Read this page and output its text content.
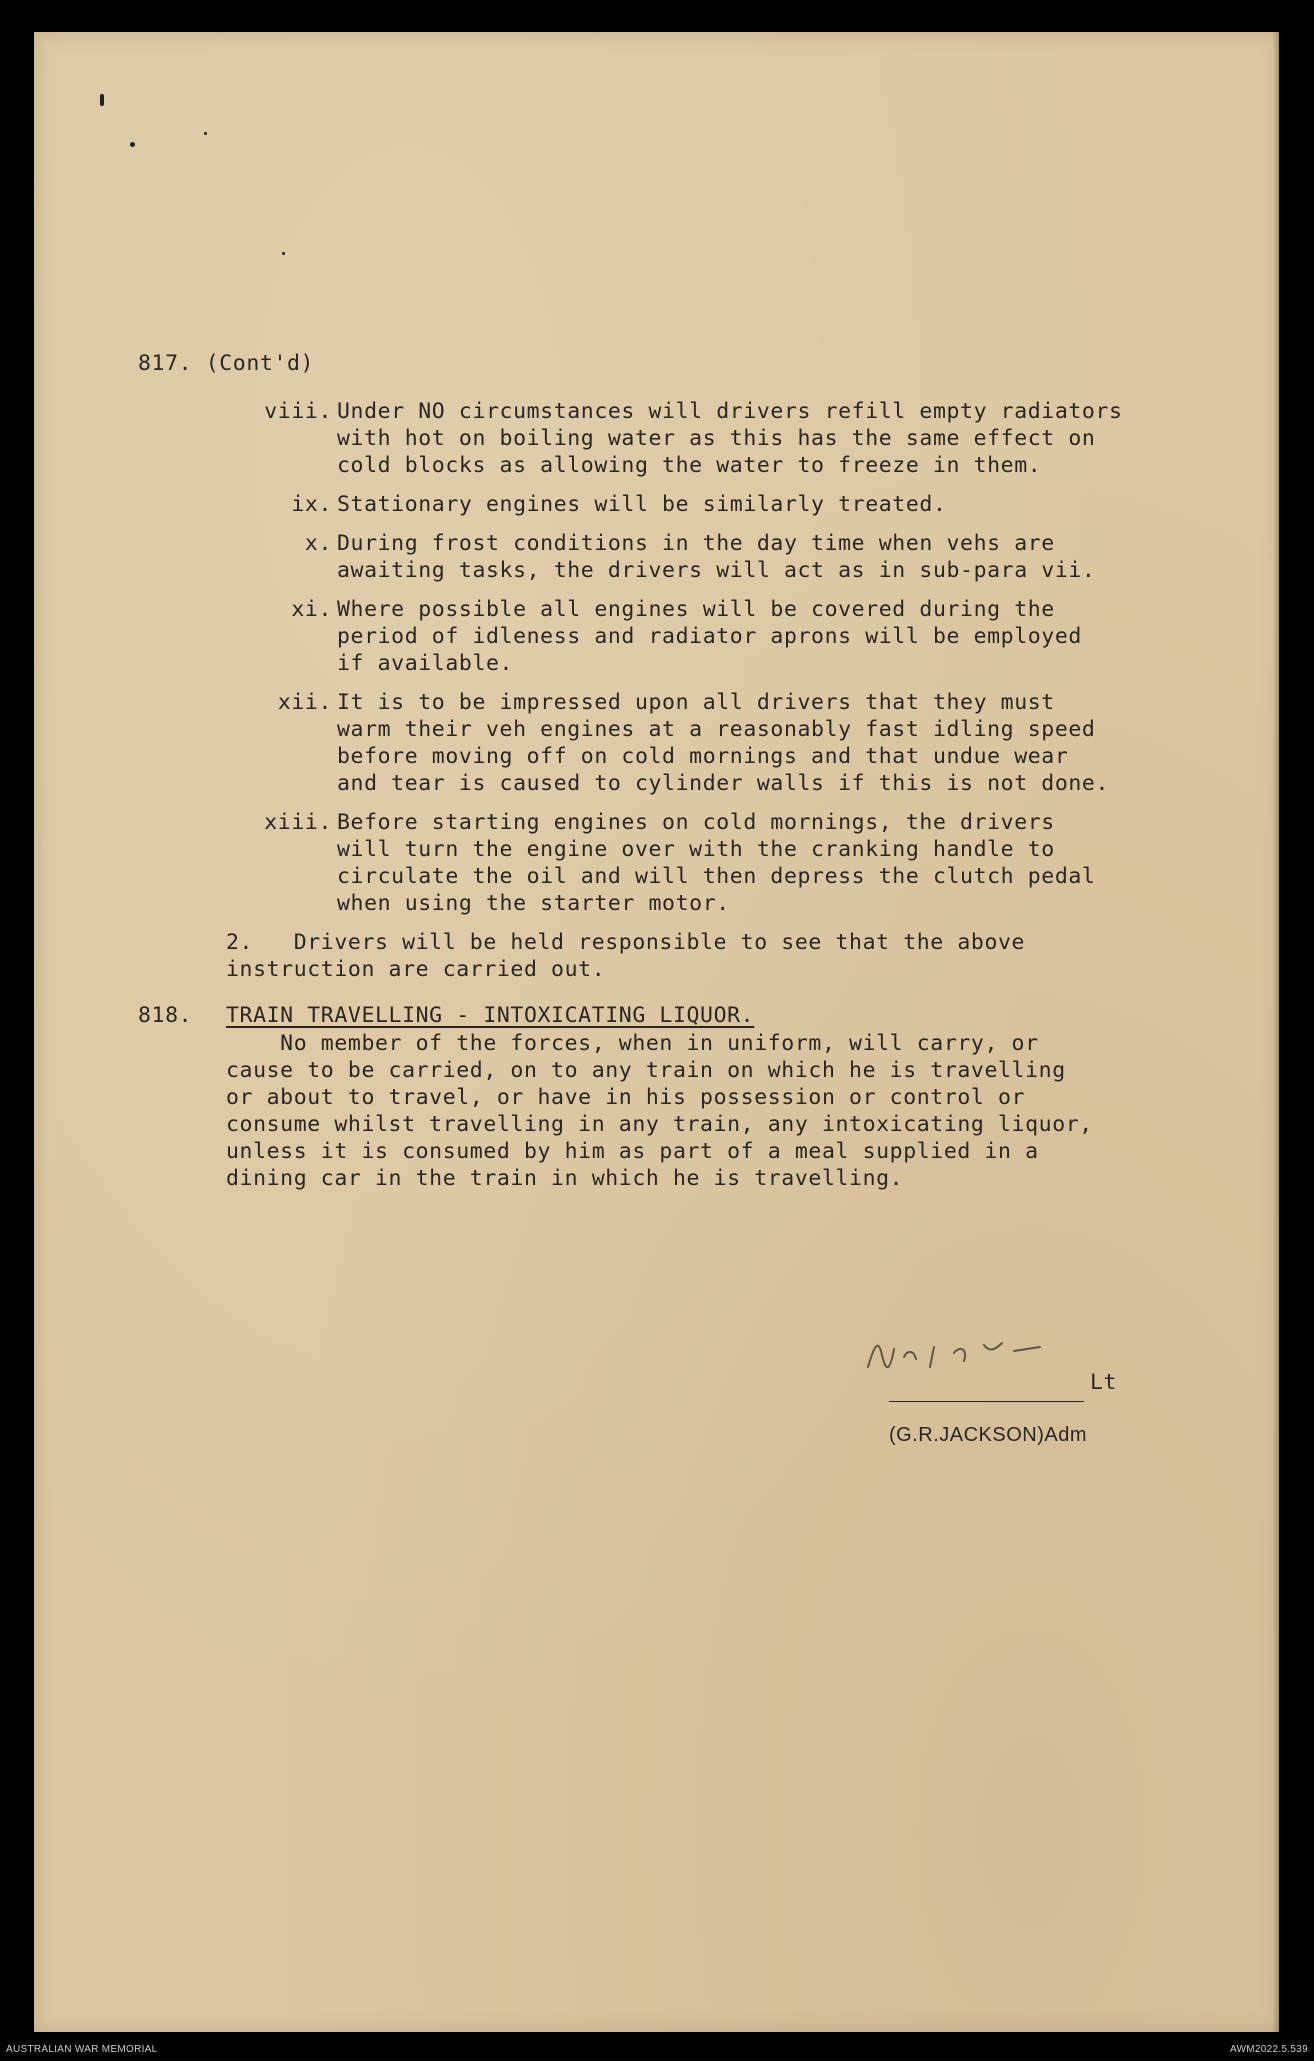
817. (Cont'd)

viii. Under NO circumstances will drivers refill empty radiators

with hot on boiling water as this has the same effect on

cold blocks as allowing the water to freeze in them.

ix. Stationary engines will be similarly treated.

x. During frost conditions in the day time when vehs are

awaiting tasks, the drivers will act as in sub-para vii.

xi. Where possible all engines will be covered during the

period of idleness and radiator aprons will be employed

if available.

xii. It is to be impressed upon all drivers that they must

warm their veh engines at a reasonably fast idling speed

before moving off on cold mornings and that undue wear

and tear is caused to cylinder walls if this is not done.

xiii. Before starting engines on cold mornings, the drivers

will turn the engine over with the cranking handle to

circulate the oil and will then depress the clutch pedal

when using the starter motor.

2.   Drivers will be held responsible to see that the above

instruction are carried out.

818. TRAIN TRAVELLING - INTOXICATING LIQUOR.

No member of the forces, when in uniform, will carry, or

cause to be carried, on to any train on which he is travelling

or about to travel, or have in his possession or control or

consume whilst travelling in any train, any intoxicating liquor,

unless it is consumed by him as part of a meal supplied in a

dining car in the train in which he is travelling.

Lt

(G.R.JACKSON)Adm

AUSTRALIAN WAR MEMORIAL	AWM2022.5.539
